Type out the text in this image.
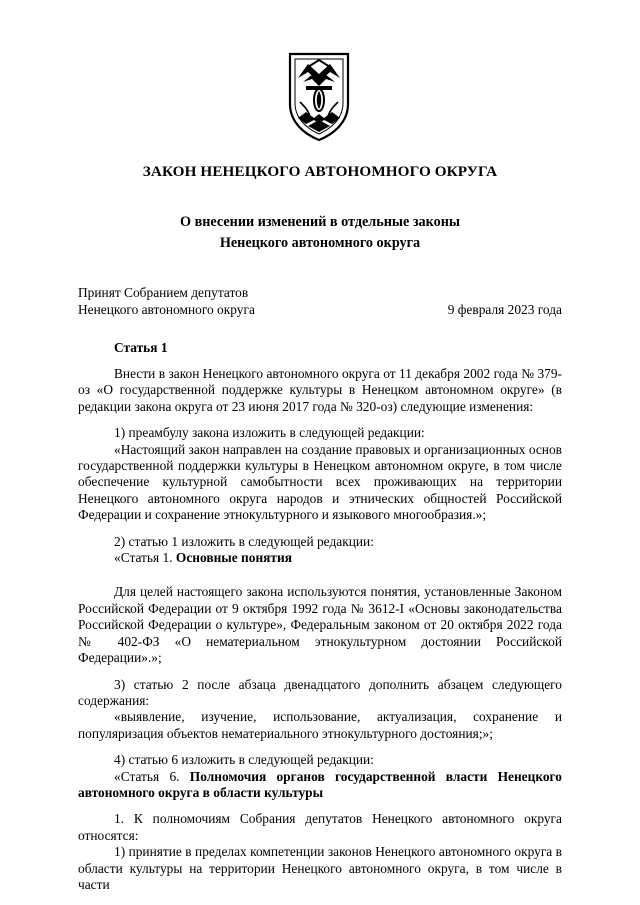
ЗАКОН НЕНЕЦКОГО АВТОНОМНОГО ОКРУГА
О внесении изменений в отдельные законы
Ненецкого автономного округа
Принят Собранием депутатов
Ненецкого автономного округа	9 февраля 2023 года
Статья 1

Внести в закон Ненецкого автономного округа от 11 декабря 2002 года № 379-оз «О государственной поддержке культуры в Ненецком автономном округе» (в редакции закона округа от 23 июня 2017 года № 320-оз) следующие изменения:

1) преамбулу закона изложить в следующей редакции:

«Настоящий закон направлен на создание правовых и организационных основ государственной поддержки культуры в Ненецком автономном округе, в том числе обеспечение культурной самобытности всех проживающих на территории Ненецкого автономного округа народов и этнических общностей Российской Федерации и сохранение этнокультурного и языкового многообразия.»;

2) статью 1 изложить в следующей редакции:

«Статья 1. Основные понятия

Для целей настоящего закона используются понятия, установленные Законом Российской Федерации от 9 октября 1992 года № 3612-I «Основы законодательства Российской Федерации о культуре», Федеральным законом от 20 октября 2022 года № 402-ФЗ «О нематериальном этнокультурном достоянии Российской Федерации».»;

3) статью 2 после абзаца двенадцатого дополнить абзацем следующего содержания:

«выявление, изучение, использование, актуализация, сохранение и популяризация объектов нематериального этнокультурного достояния;»;

4) статью 6 изложить в следующей редакции:

«Статья 6. Полномочия органов государственной власти Ненецкого автономного округа в области культуры

1. К полномочиям Собрания депутатов Ненецкого автономного округа относятся:

1) принятие в пределах компетенции законов Ненецкого автономного округа в области культуры на территории Ненецкого автономного округа, в том числе в части
